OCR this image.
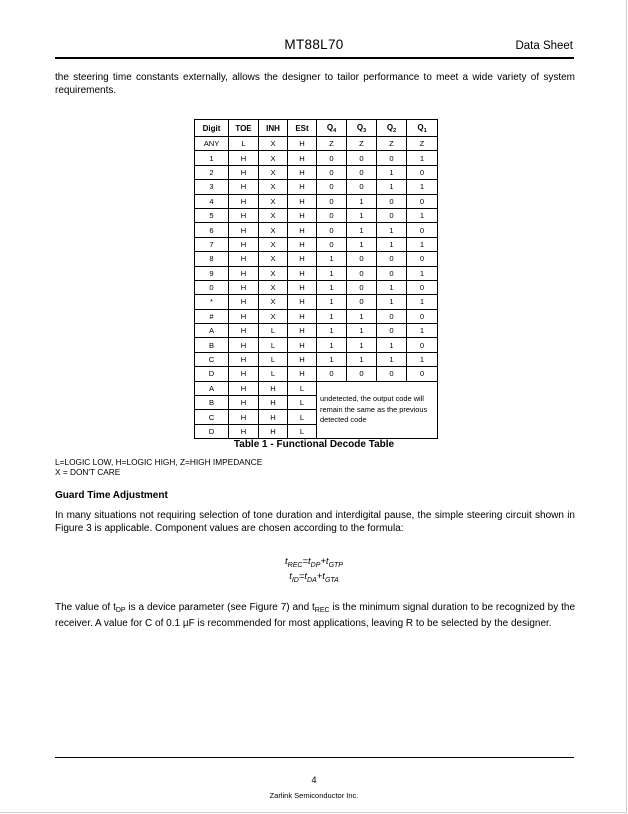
MT88L70	Data Sheet
the steering time constants externally, allows the designer to tailor performance to meet a wide variety of system requirements.
Digit	TOE	INH	ESt	$Q_4$	$Q_3$	$Q_2$	$Q_1$
ANY	L	X	H	Z	Z	Z	Z
1	H	X	H	0	0	0	1
2	H	X	H	0	0	1	0
3	H	X	H	0	0	1	1
4	H	X	H	0	1	0	0
5	H	X	H	0	1	0	1
6	H	X	H	0	1	1	0
7	H	X	H	0	1	1	1
8	H	X	H	1	0	0	0
9	H	X	H	1	0	0	1
0	H	X	H	1	0	1	0
*	H	X	H	1	0	1	1
#	H	X	H	1	1	0	0
A	H	L	H	1	1	0	1
B	H	L	H	1	1	1	0
C	H	L	H	1	1	1	1
D	H	L	H	0	0	0	0
A	H	H	L	undetected, the output code will remain the same as the previous detected code			
B	H	H	L				
C	H	H	L				
D	H	H	L				
Table 1 - Functional Decode Table
L=LOGIC LOW, H=LOGIC HIGH, Z=HIGH IMPEDANCE
X = DON'T CARE
Guard Time Adjustment
In many situations not requiring selection of tone duration and interdigital pause, the simple steering circuit shown in Figure 3 is applicable. Component values are chosen according to the formula:
$t_{REC}=t_{DP}+t_{GTP}$
$t_{ID}=t_{DA}+t_{GTA}$
The value of $t_{DP}$ is a device parameter (see Figure 7) and $t_{REC}$ is the minimum signal duration to be recognized by the receiver. A value for C of 0.1 µF is recommended for most applications, leaving R to be selected by the designer.
4
Zarlink Semiconductor Inc.
